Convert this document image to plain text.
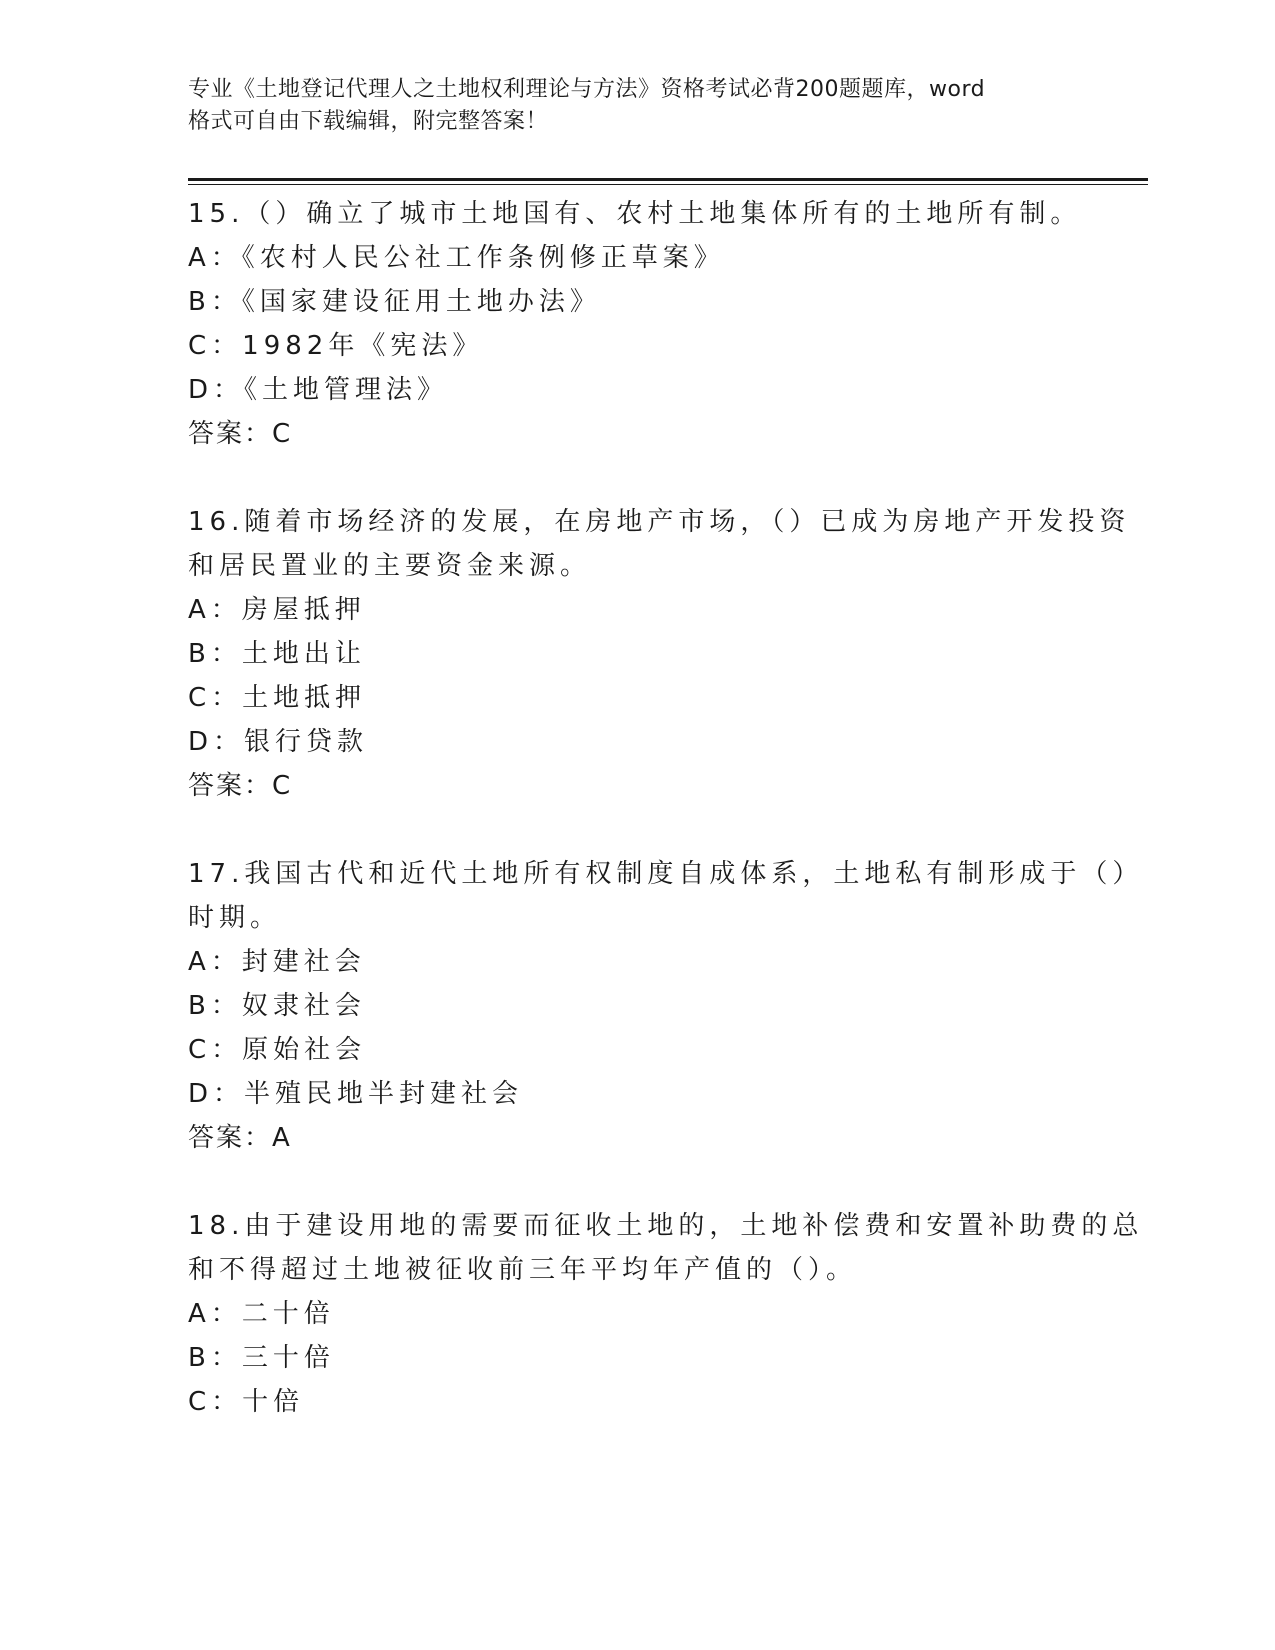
专业《土地登记代理人之土地权利理论与方法》资格考试必背200题题库，word
格式可自由下载编辑，附完整答案！
15.（）确立了城市土地国有、农村土地集体所有的土地所有制。
A：《农村人民公社工作条例修正草案》
B：《国家建设征用土地办法》
C：1982年《宪法》
D：《土地管理法》
答案：C
16.随着市场经济的发展，在房地产市场，（）已成为房地产开发投资
和居民置业的主要资金来源。
A：房屋抵押
B：土地出让
C：土地抵押
D：银行贷款
答案：C
17.我国古代和近代土地所有权制度自成体系，土地私有制形成于（）
时期。
A：封建社会
B：奴隶社会
C：原始社会
D：半殖民地半封建社会
答案：A
18.由于建设用地的需要而征收土地的，土地补偿费和安置补助费的总
和不得超过土地被征收前三年平均年产值的（）。
A：二十倍
B：三十倍
C：十倍
